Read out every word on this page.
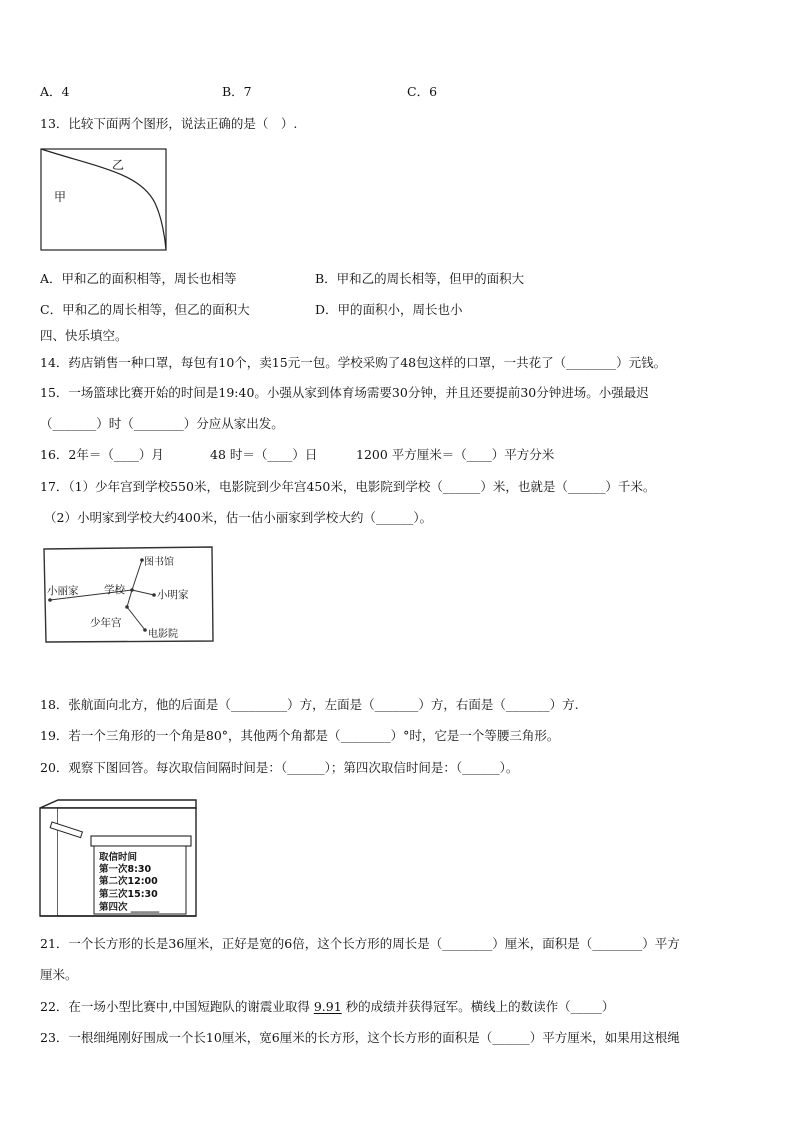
A．4	B．7	C．6
13．比较下面两个图形，说法正确的是（　）.
乙
甲
A．甲和乙的面积相等，周长也相等	B．甲和乙的周长相等，但甲的面积大
C．甲和乙的周长相等，但乙的面积大	D．甲的面积小，周长也小
四、快乐填空。
14．药店销售一种口罩，每包有10个，卖15元一包。学校采购了48包这样的口罩，一共花了（________）元钱。
15．一场篮球比赛开始的时间是19:40。小强从家到体育场需要30分钟，并且还要提前30分钟进场。小强最迟
（_______）时（________）分应从家出发。
16．2年＝（____）月	48 时＝（____）日	1200 平方厘米＝（____）平方分米
17．（1）少年宫到学校550米，电影院到少年宫450米，电影院到学校（______）米，也就是（______）千米。
（2）小明家到学校大约400米，估一估小丽家到学校大约（______）。
图书馆
小丽家 学校	小明家
少年宫
电影院
18．张航面向北方，他的后面是（_________）方，左面是（_______）方，右面是（_______）方.
19．若一个三角形的一个角是80°，其他两个角都是（________）°时，它是一个等腰三角形。
20．观察下图回答。每次取信间隔时间是：（______）；第四次取信时间是：（______）。
取信时间
第一次8:30
第二次12:00
第三次15:30
第四次 ______
21．一个长方形的长是36厘米，正好是宽的6倍，这个长方形的周长是（________）厘米，面积是（________）平方
厘米。
22．在一场小型比赛中,中国短跑队的谢震业取得 9.91 秒的成绩并获得冠军。横线上的数读作（_____）
23．一根细绳刚好围成一个长10厘米，宽6厘米的长方形，这个长方形的面积是（______）平方厘米，如果用这根绳
